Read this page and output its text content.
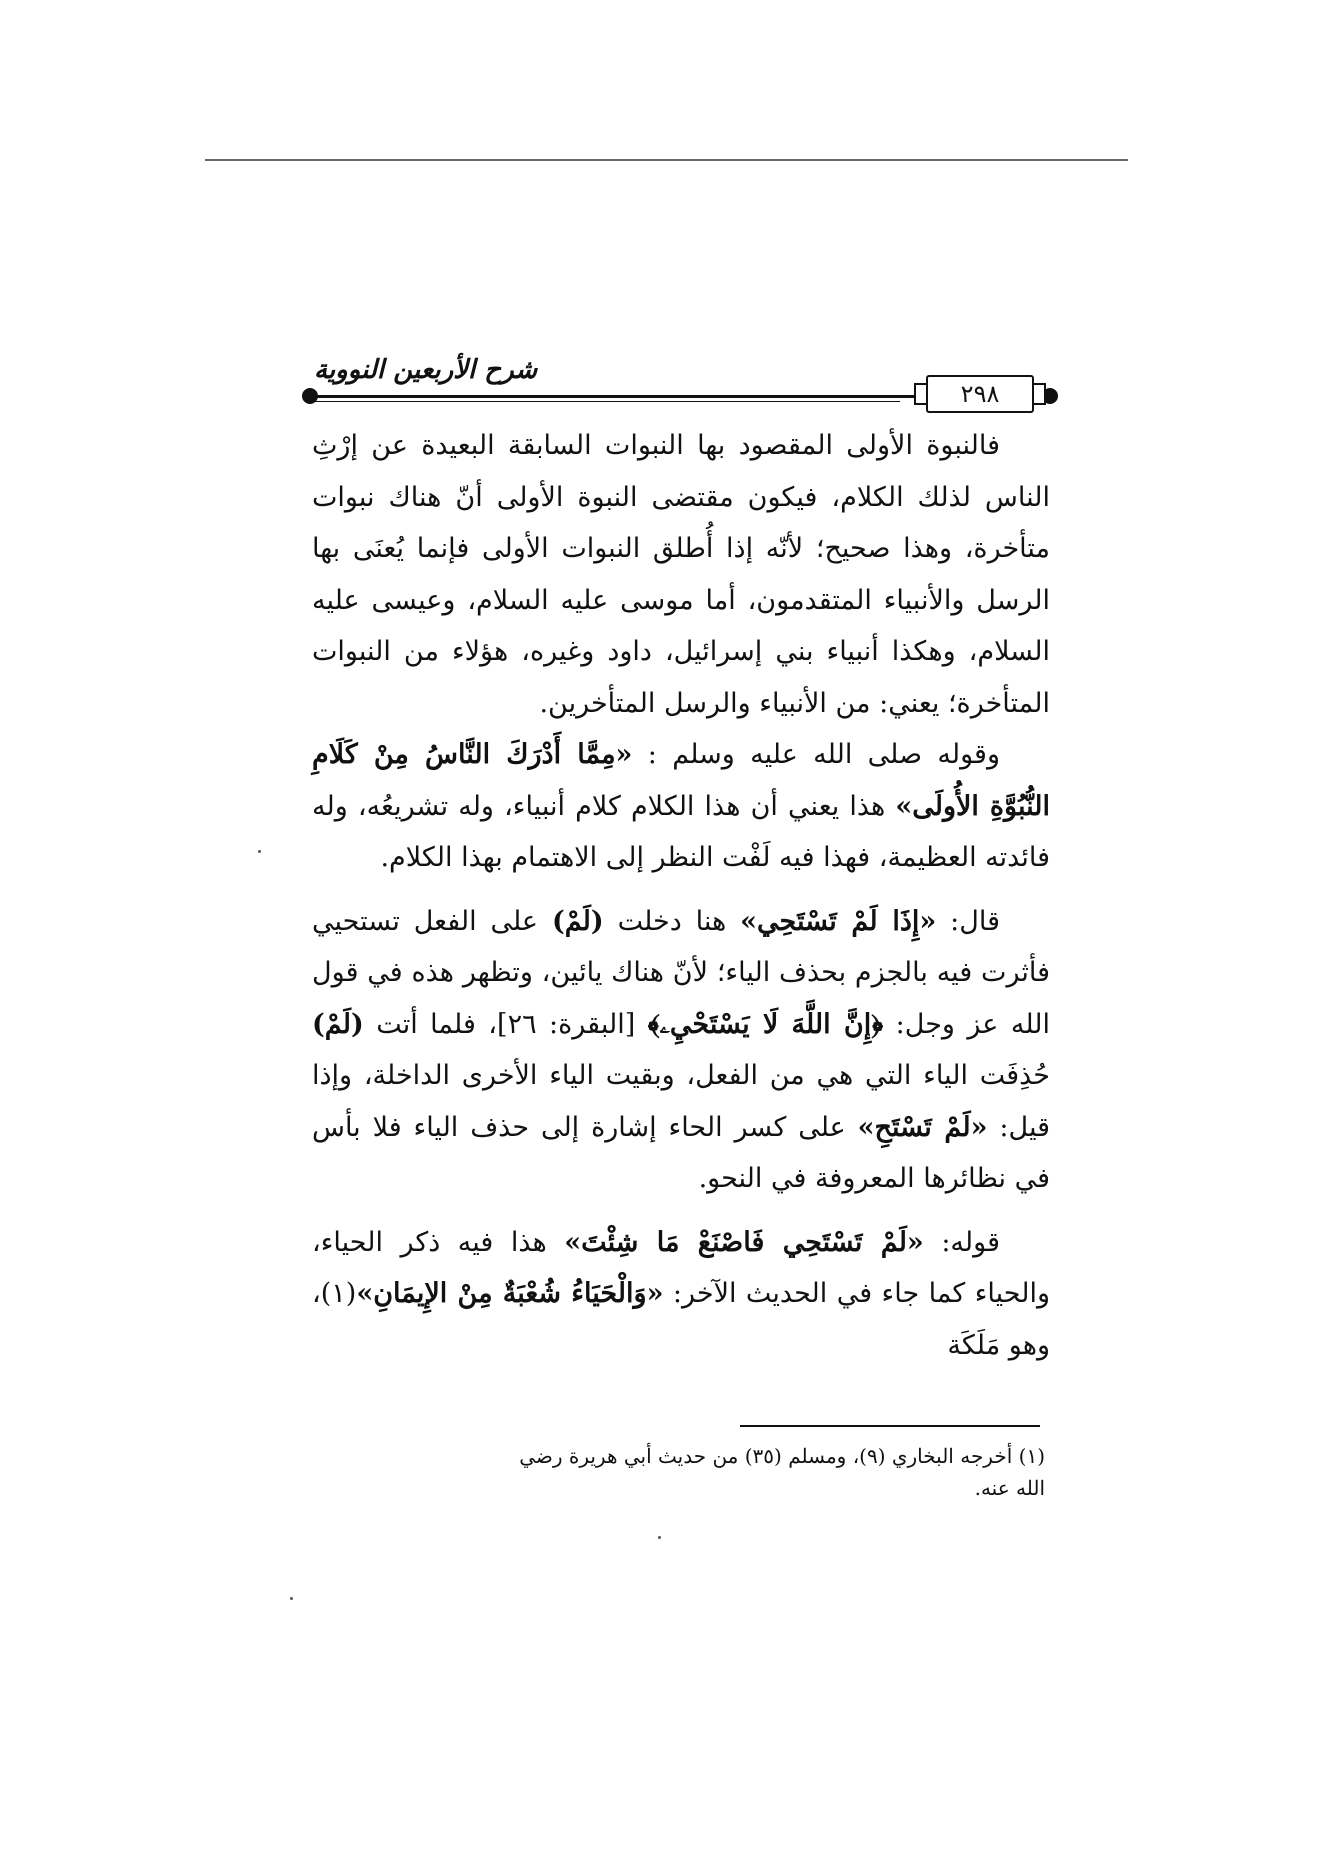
شرح الأربعين النووية
٢٩٨

فالنبوة الأولى المقصود بها النبوات السابقة البعيدة عن إرْثِ الناس لذلك الكلام، فيكون مقتضى النبوة الأولى أنّ هناك نبوات متأخرة، وهذا صحيح؛ لأنّه إذا أُطلق النبوات الأولى فإنما يُعنَى بها الرسل والأنبياء المتقدمون، أما موسى عليه السلام، وعيسى عليه السلام، وهكذا أنبياء بني إسرائيل، داود وغيره، هؤلاء من النبوات المتأخرة؛ يعني: من الأنبياء والرسل المتأخرين.

وقوله صلى الله عليه وسلم : «مِمَّا أَدْرَكَ النَّاسُ مِنْ كَلَامِ النُّبُوَّةِ الأُولَى» هذا يعني أن هذا الكلام كلام أنبياء، وله تشريعُه، وله فائدته العظيمة، فهذا فيه لَفْت النظر إلى الاهتمام بهذا الكلام.

قال: «إِذَا لَمْ تَسْتَحِي» هنا دخلت (لَمْ) على الفعل تستحيي فأثرت فيه بالجزم بحذف الياء؛ لأنّ هناك يائين، وتظهر هذه في قول الله عز وجل: ﴿إِنَّ اللَّهَ لَا يَسْتَحْيِۦ﴾ [البقرة: ٢٦]، فلما أتت (لَمْ) حُذِفَت الياء التي هي من الفعل، وبقيت الياء الأخرى الداخلة، وإذا قيل: «لَمْ تَسْتَحِ» على كسر الحاء إشارة إلى حذف الياء فلا بأس في نظائرها المعروفة في النحو.

قوله: «لَمْ تَسْتَحِي فَاصْنَعْ مَا شِئْتَ» هذا فيه ذكر الحياء، والحياء كما جاء في الحديث الآخر: «وَالْحَيَاءُ شُعْبَةٌ مِنْ الإِيمَانِ»(١)، وهو مَلَكَة

(١) أخرجه البخاري (٩)، ومسلم (٣٥) من حديث أبي هريرة رضي الله عنه.
